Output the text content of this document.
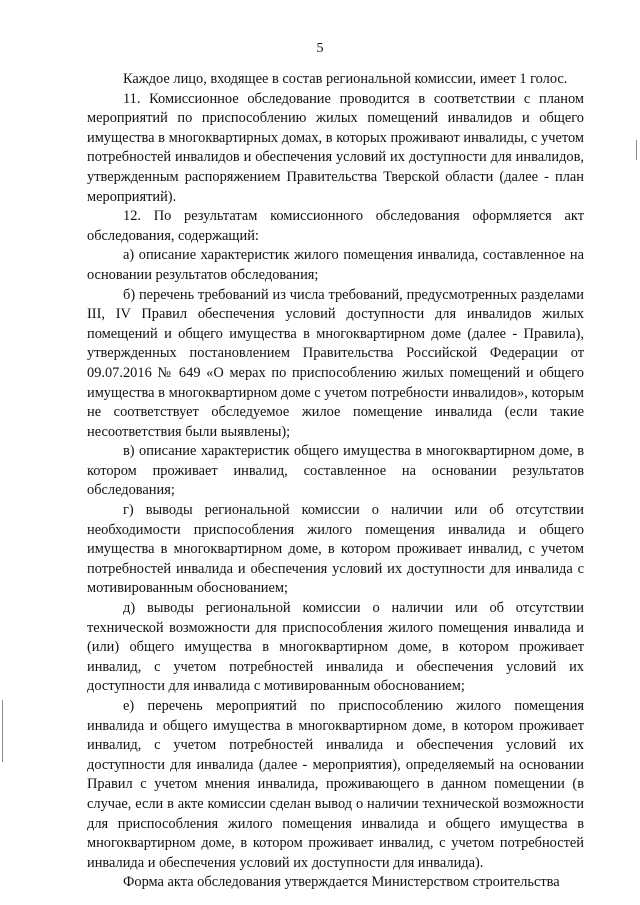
5

Каждое лицо, входящее в состав региональной комиссии, имеет 1 голос.

11. Комиссионное обследование проводится в соответствии с планом мероприятий по приспособлению жилых помещений инвалидов и общего имущества в многоквартирных домах, в которых проживают инвалиды, с учетом потребностей инвалидов и обеспечения условий их доступности для инвалидов, утвержденным распоряжением Правительства Тверской области (далее - план мероприятий).

12. По результатам комиссионного обследования оформляется акт обследования, содержащий:

а) описание характеристик жилого помещения инвалида, составленное на основании результатов обследования;

б) перечень требований из числа требований, предусмотренных разделами III, IV Правил обеспечения условий доступности для инвалидов жилых помещений и общего имущества в многоквартирном доме (далее - Правила), утвержденных постановлением Правительства Российской Федерации от 09.07.2016 № 649 «О мерах по приспособлению жилых помещений и общего имущества в многоквартирном доме с учетом потребности инвалидов», которым не соответствует обследуемое жилое помещение инвалида (если такие несоответствия были выявлены);

в) описание характеристик общего имущества в многоквартирном доме, в котором проживает инвалид, составленное на основании результатов обследования;

г) выводы региональной комиссии о наличии или об отсутствии необходимости приспособления жилого помещения инвалида и общего имущества в многоквартирном доме, в котором проживает инвалид, с учетом потребностей инвалида и обеспечения условий их доступности для инвалида с мотивированным обоснованием;

д) выводы региональной комиссии о наличии или об отсутствии технической возможности для приспособления жилого помещения инвалида и (или) общего имущества в многоквартирном доме, в котором проживает инвалид, с учетом потребностей инвалида и обеспечения условий их доступности для инвалида с мотивированным обоснованием;

е) перечень мероприятий по приспособлению жилого помещения инвалида и общего имущества в многоквартирном доме, в котором проживает инвалид, с учетом потребностей инвалида и обеспечения условий их доступности для инвалида (далее - мероприятия), определяемый на основании Правил с учетом мнения инвалида, проживающего в данном помещении (в случае, если в акте комиссии сделан вывод о наличии технической возможности для приспособления жилого помещения инвалида и общего имущества в многоквартирном доме, в котором проживает инвалид, с учетом потребностей инвалида и обеспечения условий их доступности для инвалида).

Форма акта обследования утверждается Министерством строительства
